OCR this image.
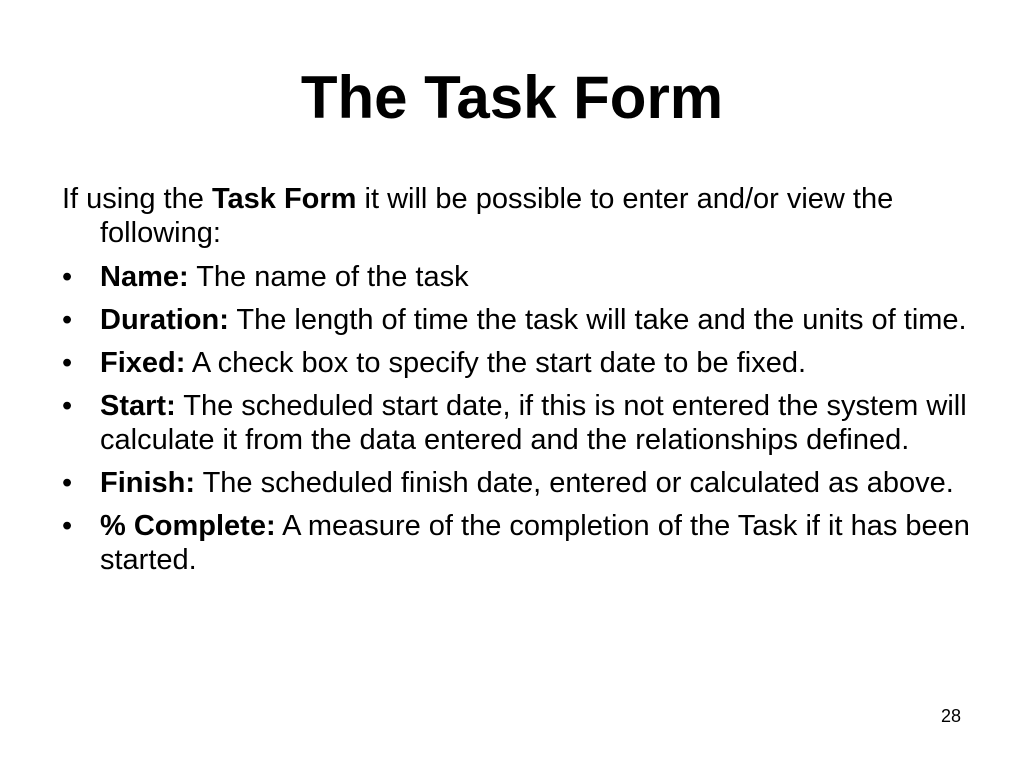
The Task Form

If using the Task Form it will be possible to enter and/or view the following:

• Name: The name of the task
• Duration: The length of time the task will take and the units of time.
• Fixed: A check box to specify the start date to be fixed.
• Start: The scheduled start date, if this is not entered the system will calculate it from the data entered and the relationships defined.
• Finish: The scheduled finish date, entered or calculated as above.
• % Complete: A measure of the completion of the Task if it has been started.
28
